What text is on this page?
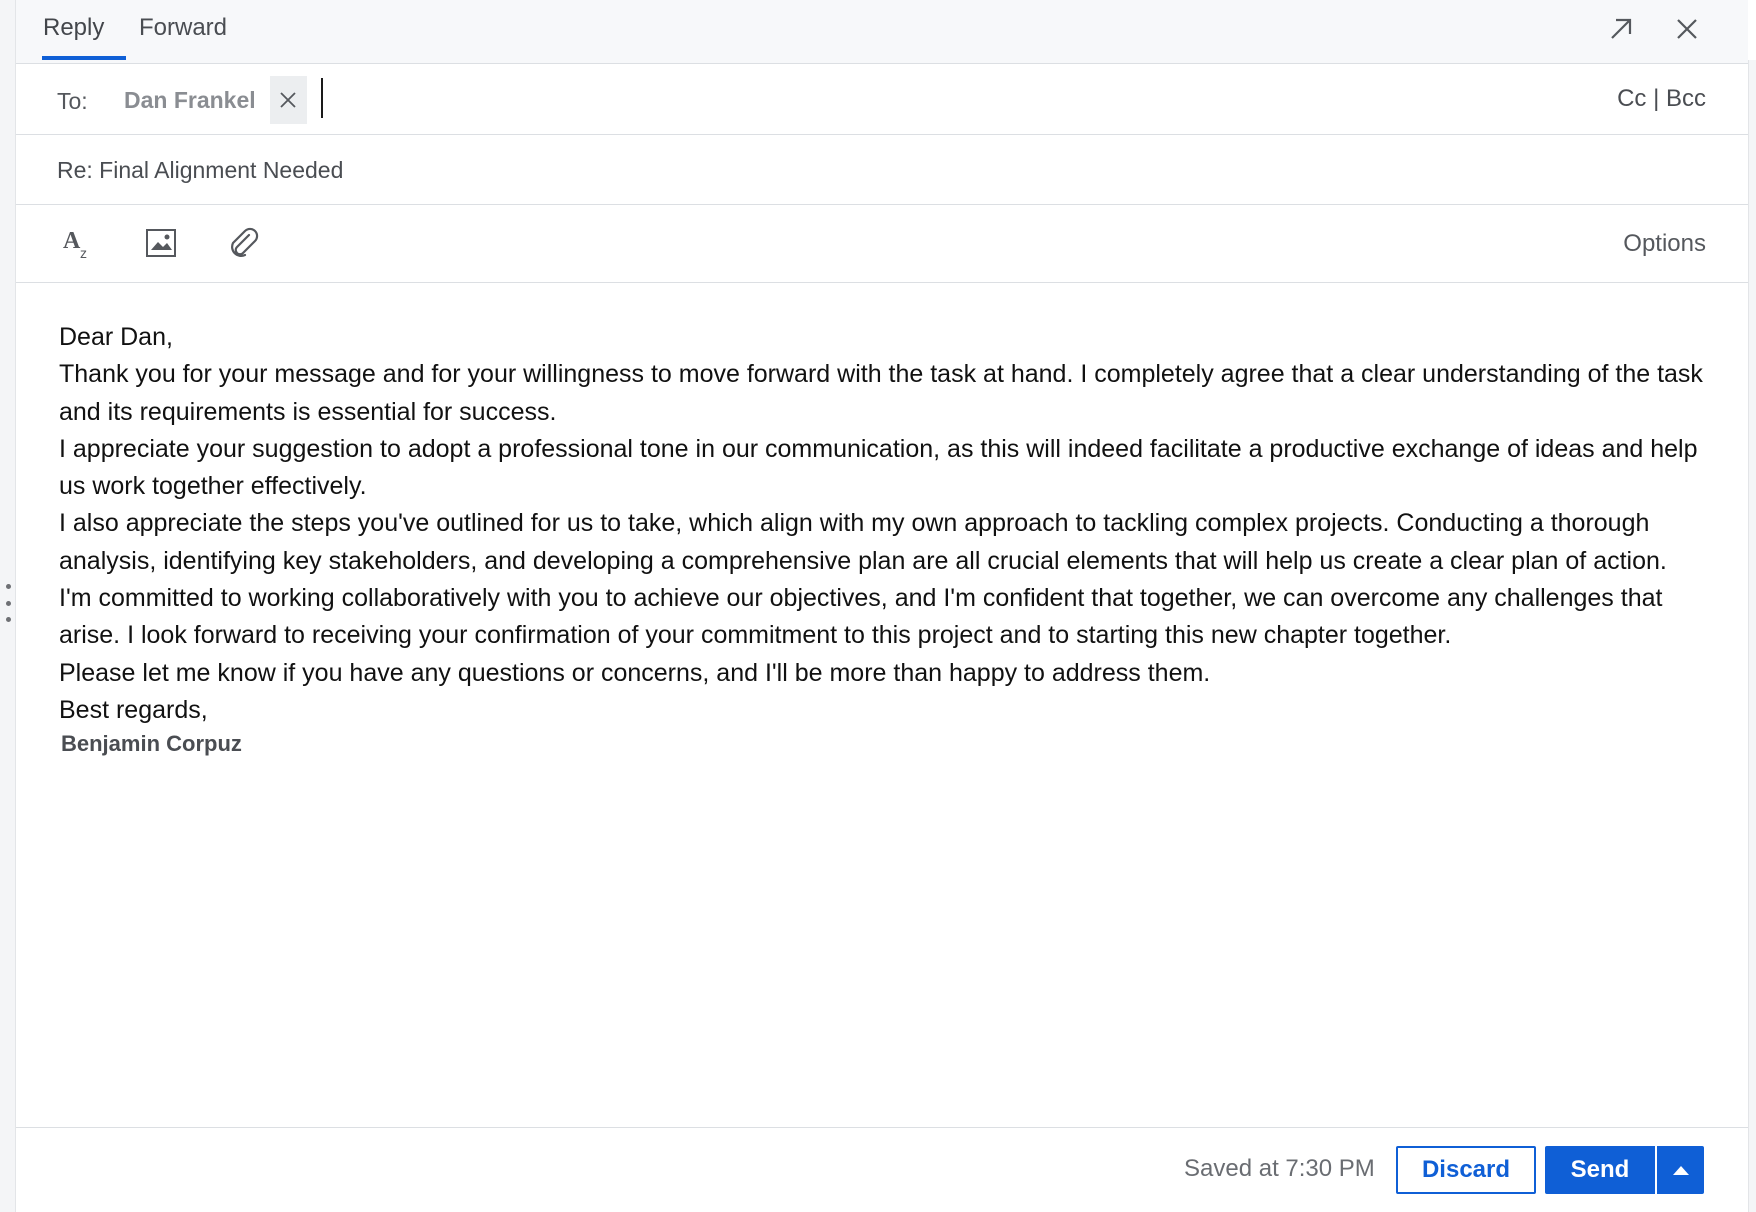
Reply Forward
To: Dan Frankel	Cc | Bcc
Re: Final Alignment Needed
A z	Options
Dear Dan,
Thank you for your message and for your willingness to move forward with the task at hand. I completely agree that a clear understanding of the task and its requirements is essential for success.
I appreciate your suggestion to adopt a professional tone in our communication, as this will indeed facilitate a productive exchange of ideas and help us work together effectively.
I also appreciate the steps you've outlined for us to take, which align with my own approach to tackling complex projects. Conducting a thorough analysis, identifying key stakeholders, and developing a comprehensive plan are all crucial elements that will help us create a clear plan of action.
I'm committed to working collaboratively with you to achieve our objectives, and I'm confident that together, we can overcome any challenges that arise. I look forward to receiving your confirmation of your commitment to this project and to starting this new chapter together.
Please let me know if you have any questions or concerns, and I'll be more than happy to address them.
Best regards,
Benjamin Corpuz
Saved at 7:30 PM	Discard	Send
